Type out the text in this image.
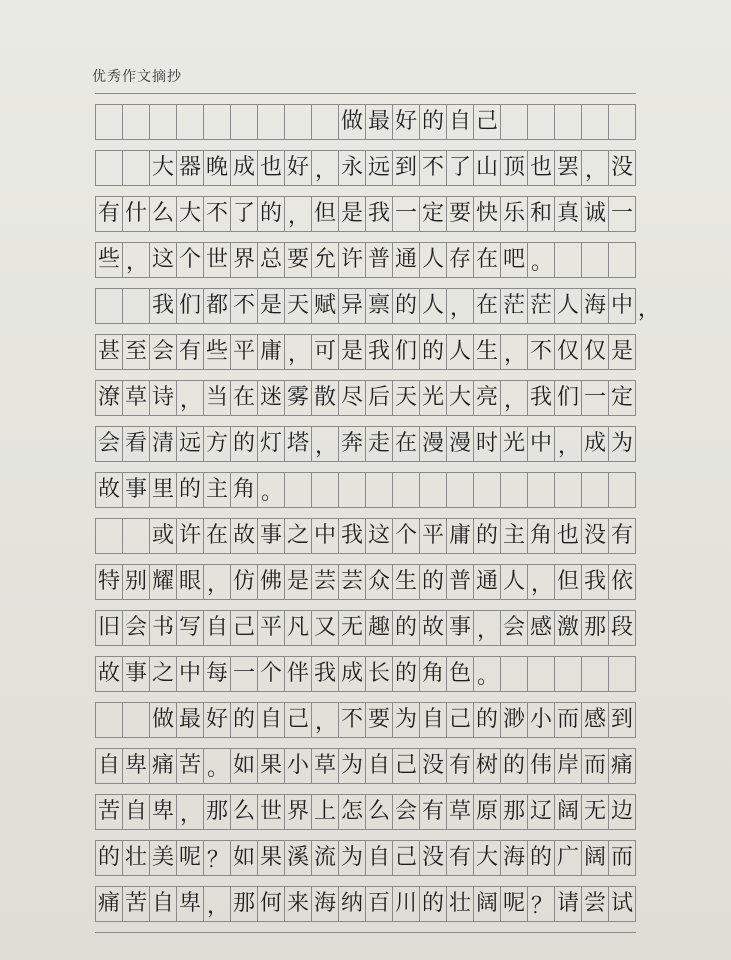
优秀作文摘抄
做 最 好 的 自 己
大 器 晚 成 也 好 ， 永 远 到 不 了 山 顶 也 罢 ， 没
有 什 么 大 不 了 的 ， 但 是 我 一 定 要 快 乐 和 真 诚 一
些 ， 这 个 世 界 总 要 允 许 普 通 人 存 在 吧 。
我 们 都 不 是 天 赋 异 禀 的 人 ， 在 茫 茫 人 海 中 ，
甚 至 会 有 些 平 庸 ， 可 是 我 们 的 人 生 ， 不 仅 仅 是
潦 草 诗 ， 当 在 迷 雾 散 尽 后 天 光 大 亮 ， 我 们 一 定
会 看 清 远 方 的 灯 塔 ， 奔 走 在 漫 漫 时 光 中 ， 成 为
故 事 里 的 主 角 。
或 许 在 故 事 之 中 我 这 个 平 庸 的 主 角 也 没 有
特 别 耀 眼 ， 仿 佛 是 芸 芸 众 生 的 普 通 人 ， 但 我 依
旧 会 书 写 自 己 平 凡 又 无 趣 的 故 事 ， 会 感 激 那 段
故 事 之 中 每 一 个 伴 我 成 长 的 角 色 。
做 最 好 的 自 己 ， 不 要 为 自 己 的 渺 小 而 感 到
自 卑 痛 苦 。 如 果 小 草 为 自 己 没 有 树 的 伟 岸 而 痛
苦 自 卑 ， 那 么 世 界 上 怎 么 会 有 草 原 那 辽 阔 无 边
的 壮 美 呢 ？ 如 果 溪 流 为 自 己 没 有 大 海 的 广 阔 而
痛 苦 自 卑 ， 那 何 来 海 纳 百 川 的 壮 阔 呢 ？ 请 尝 试
